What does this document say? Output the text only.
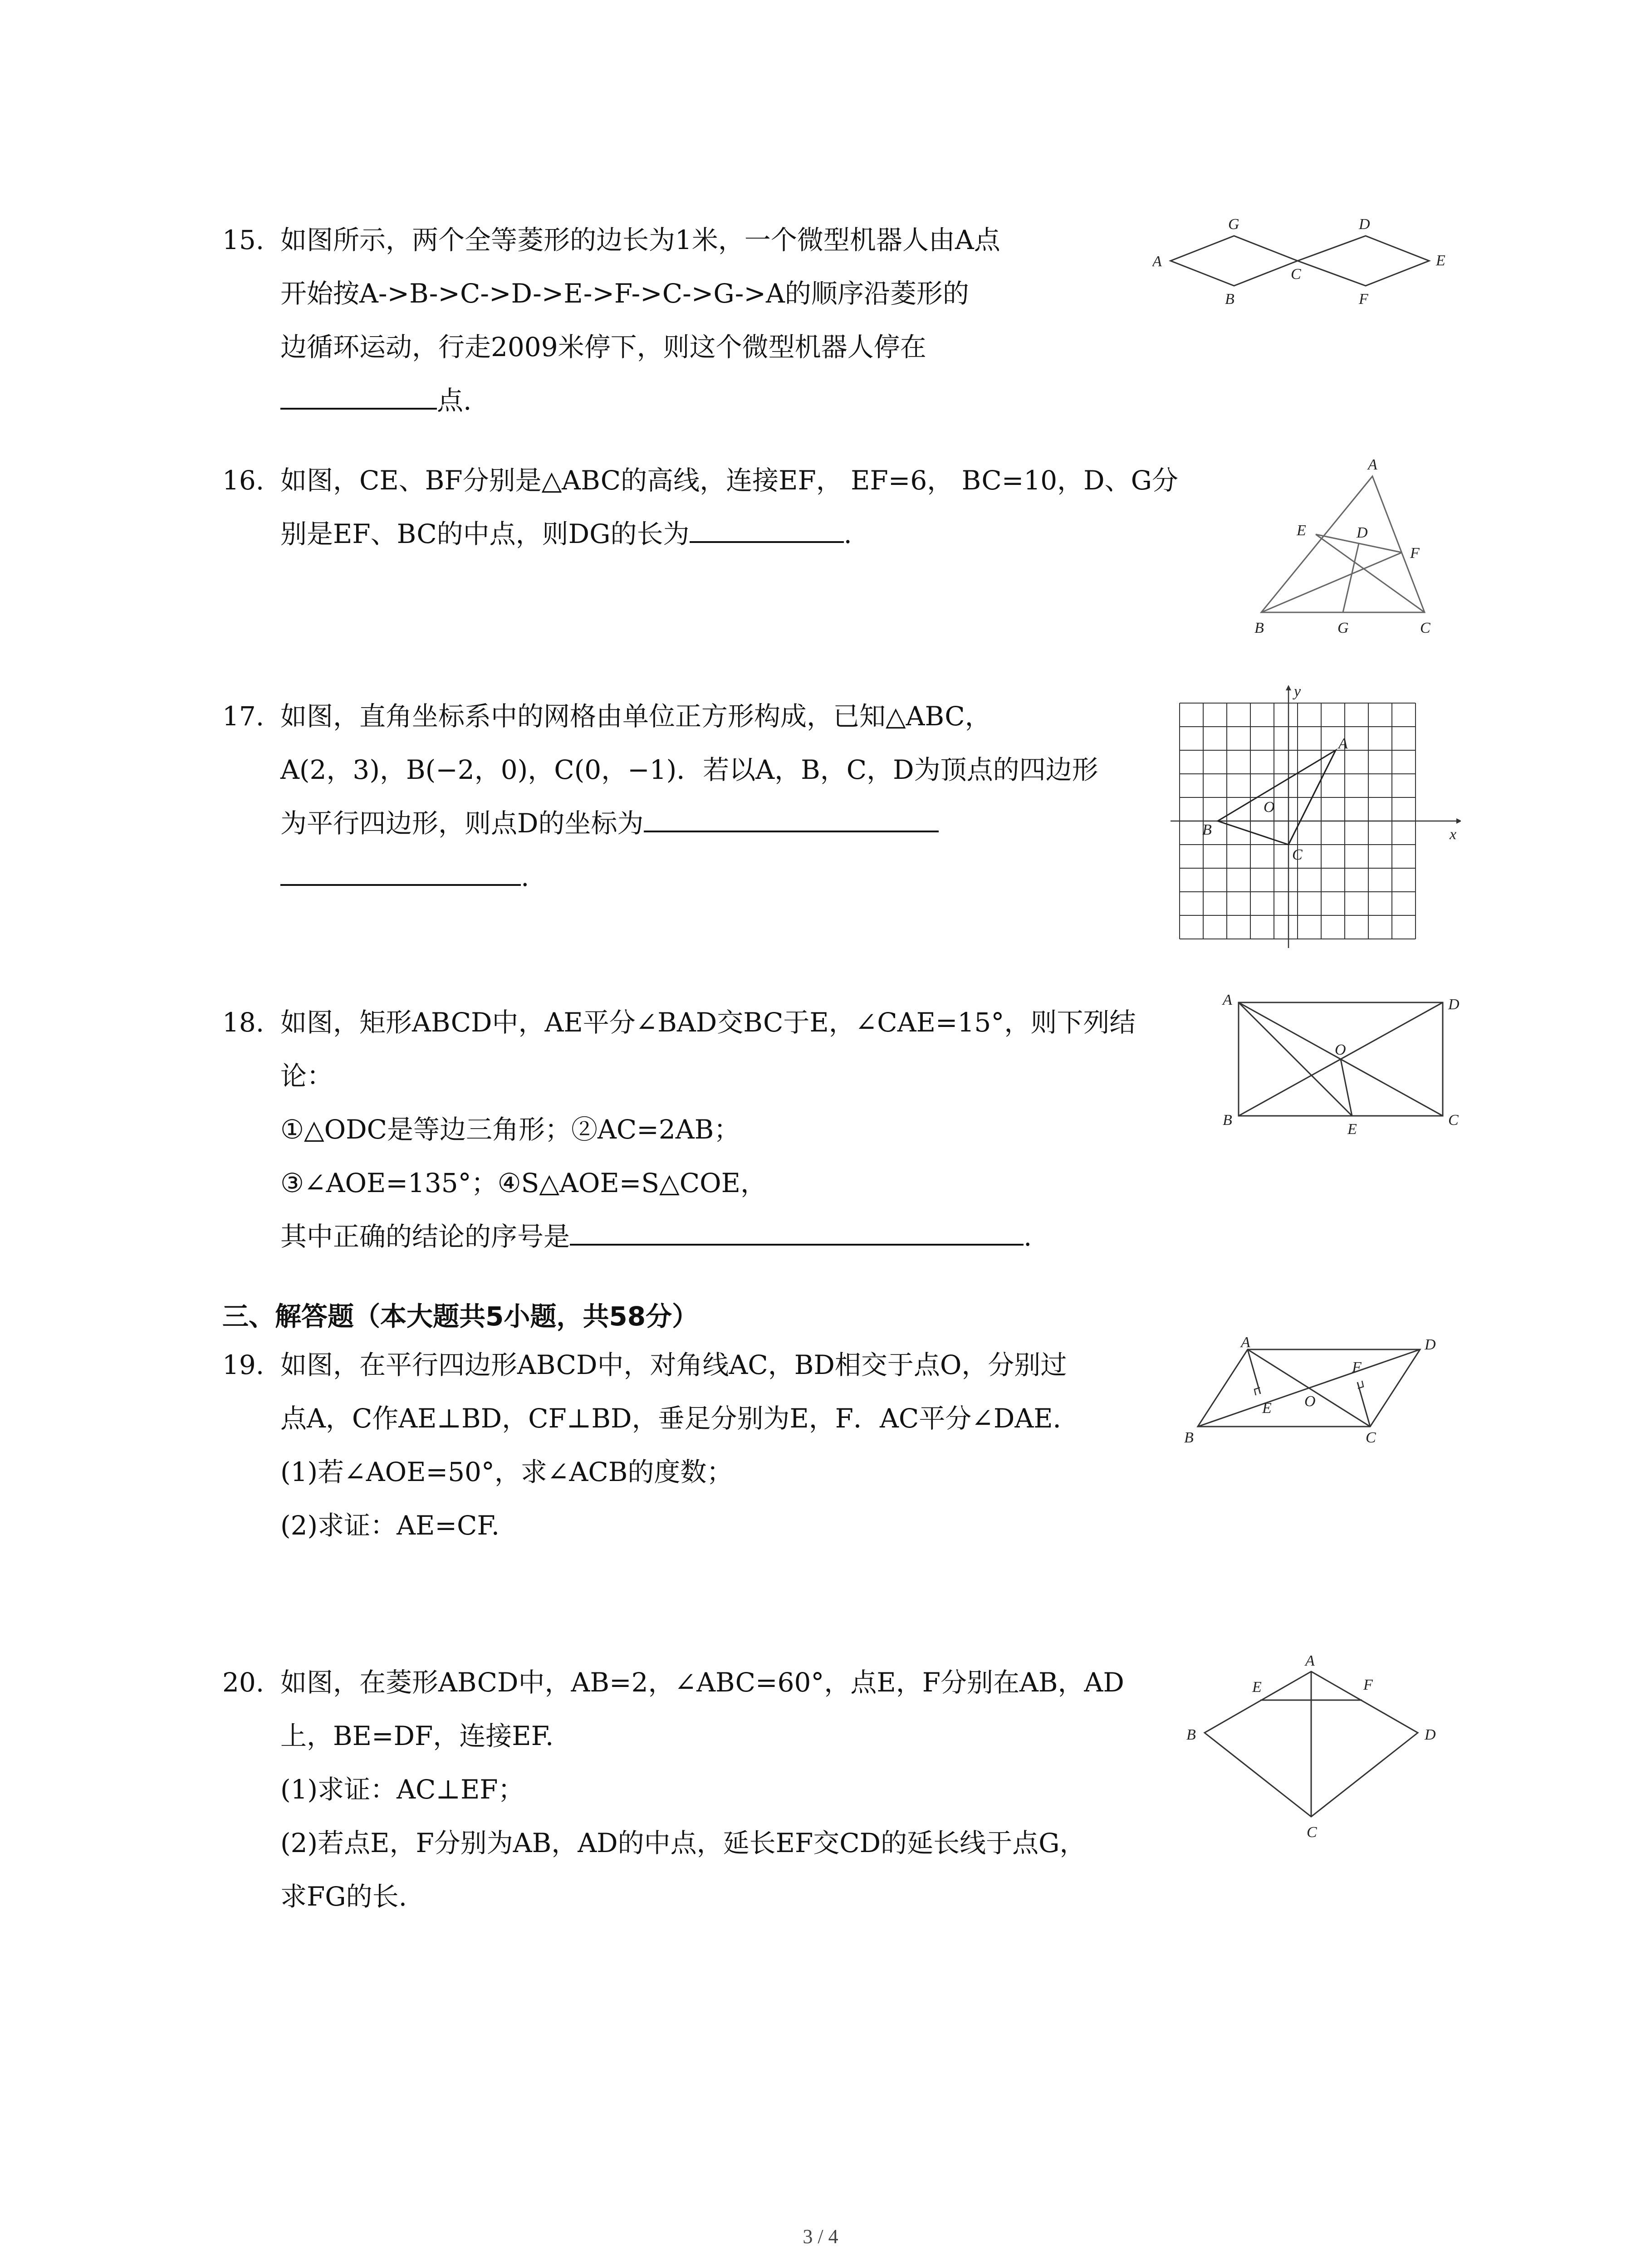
15. 如图所示，两个全等菱形的边长为1米，一个微型机器人由A点
开始按A->B->C->D->E->F->C->G->A的顺序沿菱形的
边循环运动，行走2009米停下，则这个微型机器人停在
点.
16. 如图，CE、BF分别是△ABC的高线，连接EF， EF=6， BC=10，D、G分
别是EF、BC的中点，则DG的长为	.
17. 如图，直角坐标系中的网格由单位正方形构成，已知△ABC，
A(2，3)，B(−2，0)，C(0，−1)．若以A，B，C，D为顶点的四边形
为平行四边形，则点D的坐标为
.
18. 如图，矩形ABCD中，AE平分∠BAD交BC于E，∠CAE=15°，则下列结
论：
①△ODC是等边三角形；②AC=2AB；
③∠AOE=135°；④S△AOE=S△COE，
其中正确的结论的序号是	.
三、解答题（本大题共5小题，共58分）
19. 如图，在平行四边形ABCD中，对角线AC，BD相交于点O，分别过
点A，C作AE⊥BD，CF⊥BD，垂足分别为E，F．AC平分∠DAE．
(1)若∠AOE=50°，求∠ACB的度数；
(2)求证：AE=CF.
20. 如图，在菱形ABCD中，AB=2，∠ABC=60°，点E，F分别在AB，AD
上，BE=DF，连接EF.
(1)求证：AC⊥EF；
(2)若点E，F分别为AB，AD的中点，延长EF交CD的延长线于点G，
求FG的长.
A
G
B
C
D
F
E
A
E	D
F
B	G	C
y
x
A
B
O
C
A	D
O
B
E
C
A	D
F
B
E O
C
A
E	F
B	D
C
3 / 4
